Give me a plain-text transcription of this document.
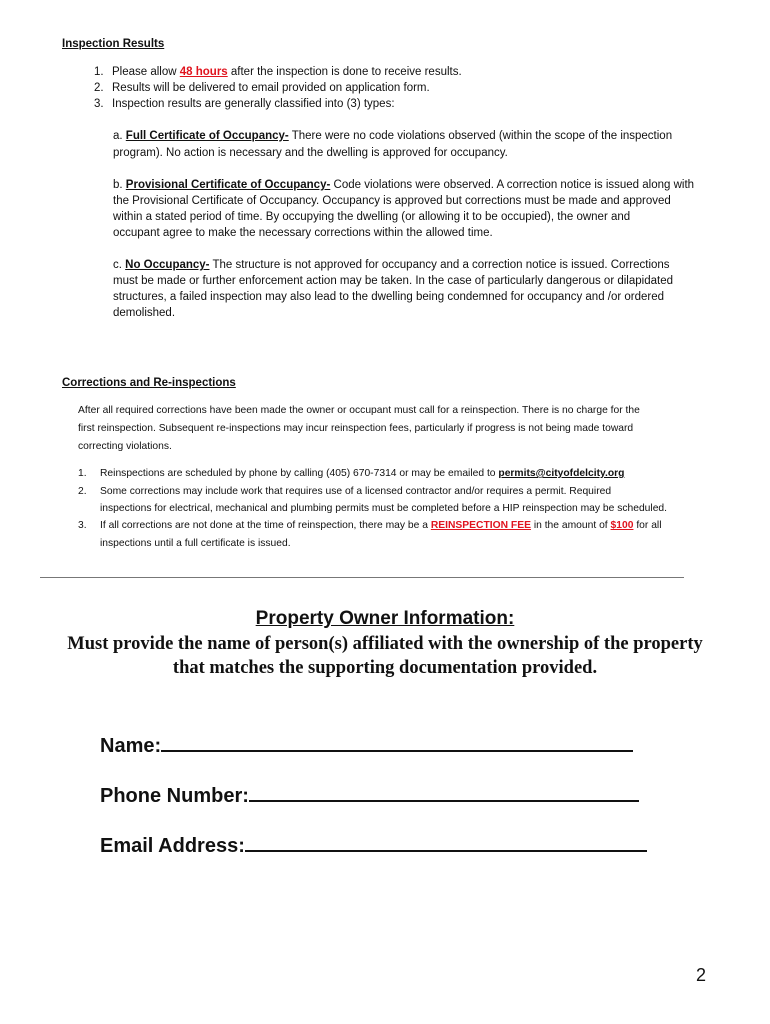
Inspection Results
1. Please allow 48 hours after the inspection is done to receive results.
2. Results will be delivered to email provided on application form.
3. Inspection results are generally classified into (3) types:
a. Full Certificate of Occupancy- There were no code violations observed (within the scope of the inspection
program). No action is necessary and the dwelling is approved for occupancy.
b. Provisional Certificate of Occupancy- Code violations were observed. A correction notice is issued along with
the Provisional Certificate of Occupancy. Occupancy is approved but corrections must be made and approved
within a stated period of time. By occupying the dwelling (or allowing it to be occupied), the owner and
occupant agree to make the necessary corrections within the allowed time.
c. No Occupancy- The structure is not approved for occupancy and a correction notice is issued. Corrections
must be made or further enforcement action may be taken. In the case of particularly dangerous or dilapidated
structures, a failed inspection may also lead to the dwelling being condemned for occupancy and /or ordered
demolished.
Corrections and Re-inspections
After all required corrections have been made the owner or occupant must call for a reinspection. There is no charge for the
first reinspection. Subsequent re-inspections may incur reinspection fees, particularly if progress is not being made toward
correcting violations.
1. Reinspections are scheduled by phone by calling (405) 670-7314 or may be emailed to permits@cityofdelcity.org
2. Some corrections may include work that requires use of a licensed contractor and/or requires a permit. Required
inspections for electrical, mechanical and plumbing permits must be completed before a HIP reinspection may be scheduled.
3. If all corrections are not done at the time of reinspection, there may be a REINSPECTION FEE in the amount of $100 for all
inspections until a full certificate is issued.
Property Owner Information:
Must provide the name of person(s) affiliated with the ownership of the property
that matches the supporting documentation provided.
Name:
Phone Number:
Email Address:
2
